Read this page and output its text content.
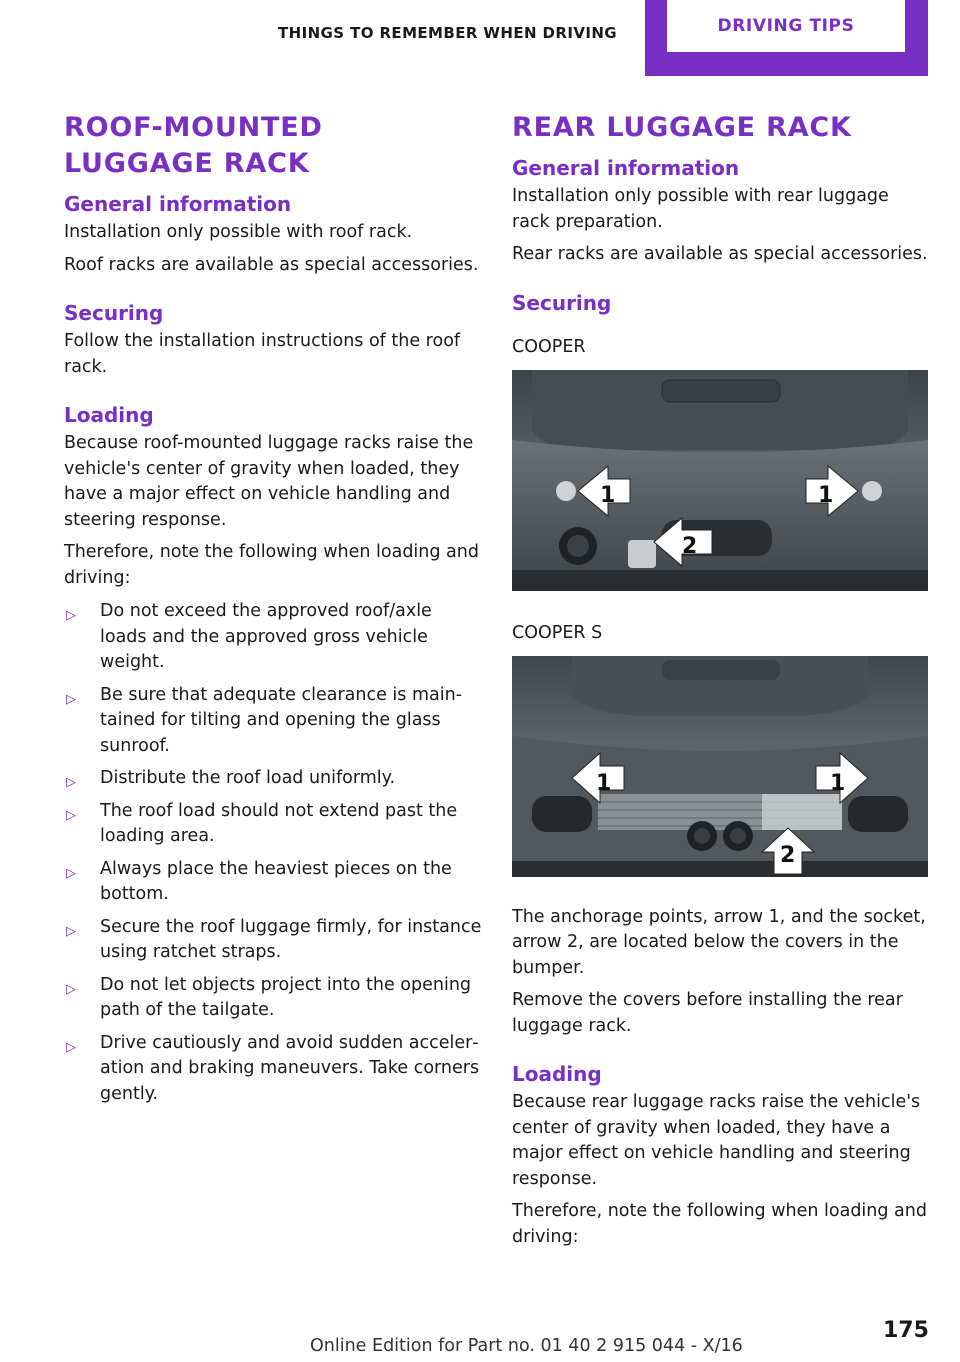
THINGS TO REMEMBER WHEN DRIVING	DRIVING TIPS
ROOF-MOUNTED LUGGAGE RACK
General information

Installation only possible with roof rack.

Roof racks are available as special accessories.

Securing

Follow the installation instructions of the roof rack.

Loading

Because roof-mounted luggage racks raise the vehicle's center of gravity when loaded, they have a major effect on vehicle handling and steering response.

Therefore, note the following when loading and driving:

▷ Do not exceed the approved roof/axle loads and the approved gross vehicle weight.
▷ Be sure that adequate clearance is maintained for tilting and opening the glass sunroof.
▷ Distribute the roof load uniformly.
▷ The roof load should not extend past the loading area.
▷ Always place the heaviest pieces on the bottom.
▷ Secure the roof luggage firmly, for instance using ratchet straps.
▷ Do not let objects project into the opening path of the tailgate.
▷ Drive cautiously and avoid sudden acceleration and braking maneuvers. Take corners gently.
REAR LUGGAGE RACK
General information

Installation only possible with rear luggage rack preparation.

Rear racks are available as special accessories.

Securing
COOPER
1	1
2
COOPER S
1	1
2

The anchorage points, arrow 1, and the socket, arrow 2, are located below the covers in the bumper.

Remove the covers before installing the rear luggage rack.

Loading

Because rear luggage racks raise the vehicle's center of gravity when loaded, they have a major effect on vehicle handling and steering response.

Therefore, note the following when loading and driving:

175
Online Edition for Part no. 01 40 2 915 044 - X/16
